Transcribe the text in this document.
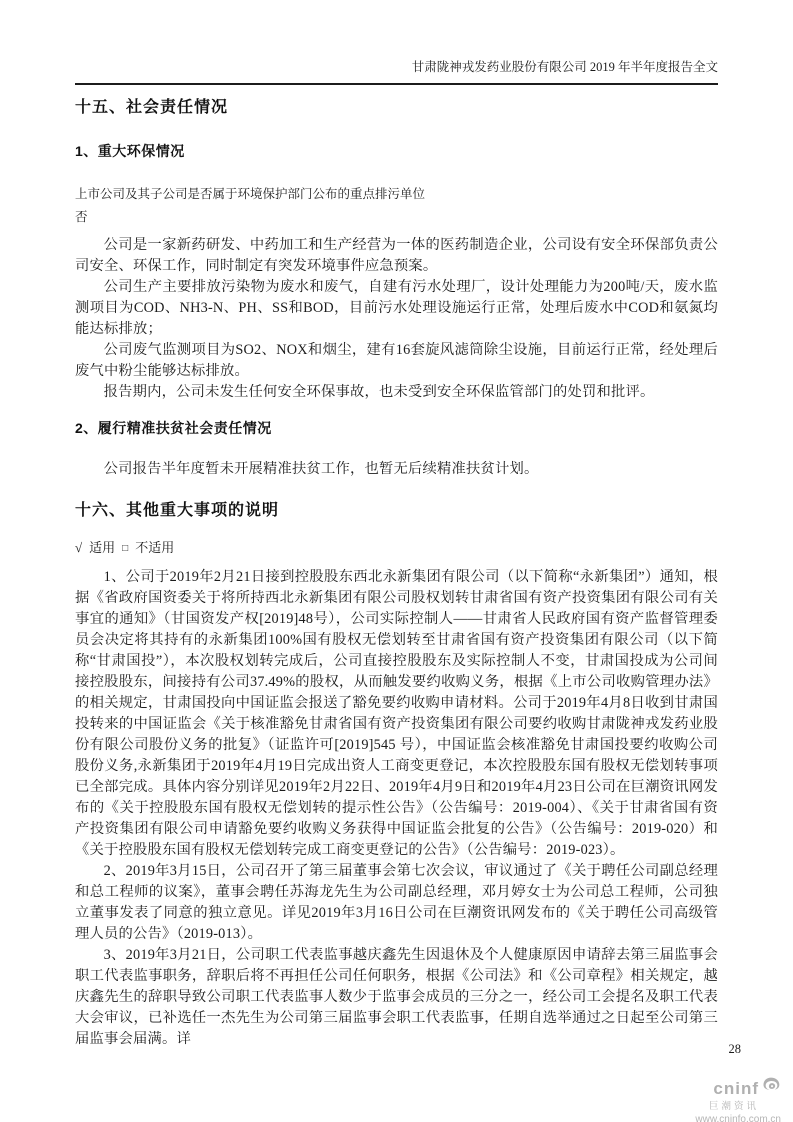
甘肃陇神戎发药业股份有限公司 2019 年半年度报告全文
十五、社会责任情况
1、重大环保情况

上市公司及其子公司是否属于环境保护部门公布的重点排污单位

否

公司是一家新药研发、中药加工和生产经营为一体的医药制造企业，公司设有安全环保部负责公司安全、环保工作，同时制定有突发环境事件应急预案。

公司生产主要排放污染物为废水和废气，自建有污水处理厂，设计处理能力为200吨/天，废水监测项目为COD、NH3-N、PH、SS和BOD，目前污水处理设施运行正常，处理后废水中COD和氨氮均能达标排放；

公司废气监测项目为SO2、NOX和烟尘，建有16套旋风滤筒除尘设施，目前运行正常，经处理后废气中粉尘能够达标排放。

报告期内，公司未发生任何安全环保事故，也未受到安全环保监管部门的处罚和批评。

2、履行精准扶贫社会责任情况

公司报告半年度暂未开展精准扶贫工作，也暂无后续精准扶贫计划。

十六、其他重大事项的说明
√ 适用 □ 不适用

1、公司于2019年2月21日接到控股股东西北永新集团有限公司（以下简称“永新集团”）通知，根据《省政府国资委关于将所持西北永新集团有限公司股权划转甘肃省国有资产投资集团有限公司有关事宜的通知》（甘国资发产权[2019]48号），公司实际控制人——甘肃省人民政府国有资产监督管理委员会决定将其持有的永新集团100%国有股权无偿划转至甘肃省国有资产投资集团有限公司（以下简称“甘肃国投”），本次股权划转完成后，公司直接控股股东及实际控制人不变，甘肃国投成为公司间接控股股东，间接持有公司37.49%的股权，从而触发要约收购义务，根据《上市公司收购管理办法》的相关规定，甘肃国投向中国证监会报送了豁免要约收购申请材料。公司于2019年4月8日收到甘肃国投转来的中国证监会《关于核准豁免甘肃省国有资产投资集团有限公司要约收购甘肃陇神戎发药业股份有限公司股份义务的批复》（证监许可[2019]545 号），中国证监会核准豁免甘肃国投要约收购公司股份义务,永新集团于2019年4月19日完成出资人工商变更登记，本次控股股东国有股权无偿划转事项已全部完成。具体内容分别详见2019年2月22日、2019年4月9日和2019年4月23日公司在巨潮资讯网发布的《关于控股股东国有股权无偿划转的提示性公告》（公告编号：2019-004）、《关于甘肃省国有资产投资集团有限公司申请豁免要约收购义务获得中国证监会批复的公告》（公告编号：2019-020）和《关于控股股东国有股权无偿划转完成工商变更登记的公告》（公告编号：2019-023）。

2、2019年3月15日，公司召开了第三届董事会第七次会议，审议通过了《关于聘任公司副总经理和总工程师的议案》，董事会聘任苏海龙先生为公司副总经理，邓月婷女士为公司总工程师，公司独立董事发表了同意的独立意见。详见2019年3月16日公司在巨潮资讯网发布的《关于聘任公司高级管理人员的公告》（2019-013）。

3、2019年3月21日，公司职工代表监事越庆鑫先生因退休及个人健康原因申请辞去第三届监事会职工代表监事职务，辞职后将不再担任公司任何职务，根据《公司法》和《公司章程》相关规定，越庆鑫先生的辞职导致公司职工代表监事人数少于监事会成员的三分之一，经公司工会提名及职工代表大会审议，已补选任一杰先生为公司第三届监事会职工代表监事，任期自选举通过之日起至公司第三届监事会届满。详

28
cninf
巨潮资讯
www.cninfo.com.cn
